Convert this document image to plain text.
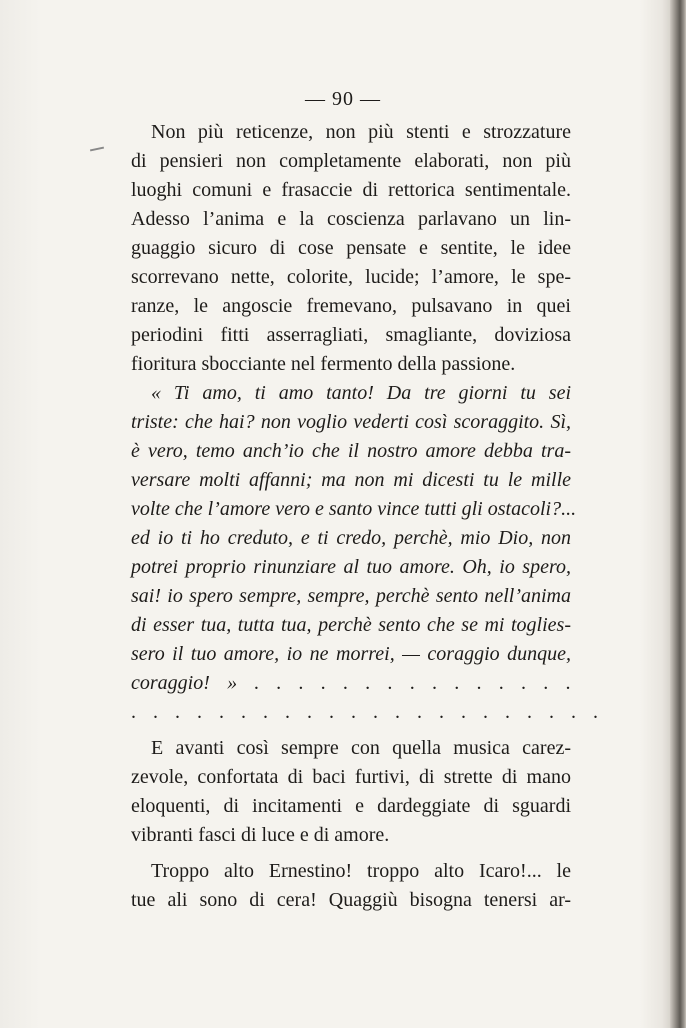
— 90 —
Non più reticenze, non più stenti e strozzature
di pensieri non completamente elaborati, non più
luoghi comuni e frasaccie di rettorica sentimentale.
Adesso l’anima e la coscienza parlavano un lin-
guaggio sicuro di cose pensate e sentite, le idee
scorrevano nette, colorite, lucide; l’amore, le spe-
ranze, le angoscie fremevano, pulsavano in quei
periodini fitti asserragliati, smagliante, doviziosa
fioritura sbocciante nel fermento della passione.
« Ti amo, ti amo tanto! Da tre giorni tu sei
triste: che hai? non voglio vederti così scoraggito. Sì,
è vero, temo anch’io che il nostro amore debba tra-
versare molti affanni; ma non mi dicesti tu le mille
volte che l’amore vero e santo vince tutti gli ostacoli?...
ed io ti ho creduto, e ti credo, perchè, mio Dio, non
potrei proprio rinunziare al tuo amore. Oh, io spero,
sai! io spero sempre, sempre, perchè sento nell’anima
di esser tua, tutta tua, perchè sento che se mi toglies-
sero il tuo amore, io ne morrei, — coraggio dunque,
coraggio! » . . . . . . . . . . . . . . .
. . . . . . . . . . . . . . . . . . . . . .
E avanti così sempre con quella musica carez-
zevole, confortata di baci furtivi, di strette di mano
eloquenti, di incitamenti e dardeggiate di sguardi
vibranti fasci di luce e di amore.
Troppo alto Ernestino! troppo alto Icaro!... le
tue ali sono di cera! Quaggiù bisogna tenersi ar-
